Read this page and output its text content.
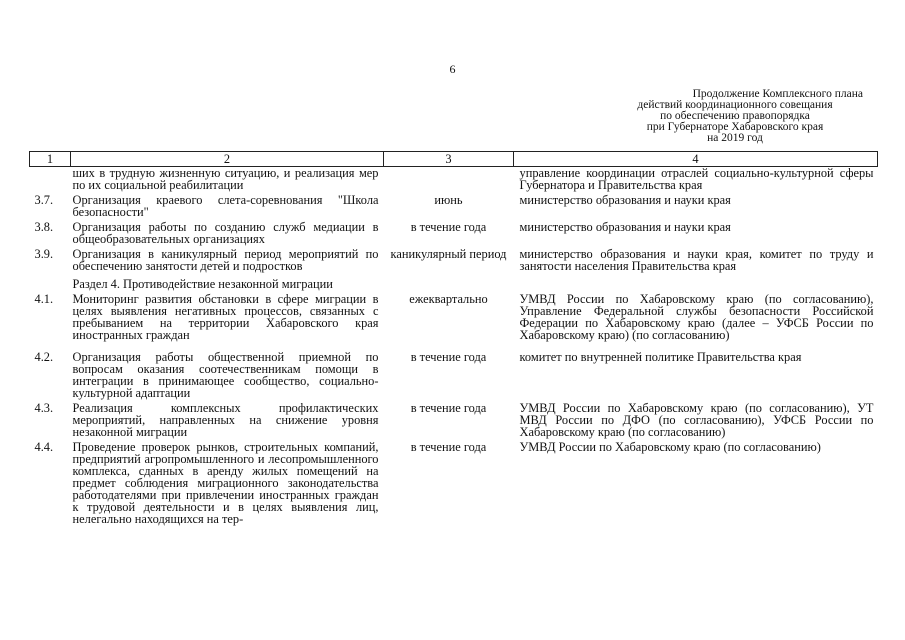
6
Продолжение Комплексного плана
действий координационного совещания
по обеспечению правопорядка
при Губернаторе Хабаровского края
на 2019 год
1	2	3	4
	ших в трудную жизненную ситуацию, и реализация мер по их социальной реабилитации		управление координации отраслей социально-культурной сферы Губернатора и Правительства края
3.7.	Организация краевого слета-соревнования "Школа безопасности"	июнь	министерство образования и науки края
3.8.	Организация работы по созданию служб медиации в общеобразовательных организациях	в течение года	министерство образования и науки края
3.9.	Организация в каникулярный период мероприятий по обеспечению занятости детей и подростков	каникулярный период	министерство образования и науки края, комитет по труду и занятости населения Правительства края
	Раздел 4. Противодействие незаконной миграции		
4.1.	Мониторинг развития обстановки в сфере миграции в целях выявления негативных процессов, связанных с пребыванием на территории Хабаровского края иностранных граждан	ежеквартально	УМВД России по Хабаровскому краю (по согласованию), Управление Федеральной службы безопасности Российской Федерации по Хабаровскому краю (далее – УФСБ России по Хабаровскому краю) (по согласованию)
4.2.	Организация работы общественной приемной по вопросам оказания соотечественникам помощи в интеграции в принимающее сообщество, социально-культурной адаптации	в течение года	комитет по внутренней политике Правительства края
4.3.	Реализация комплексных профилактических мероприятий, направленных на снижение уровня незаконной миграции	в течение года	УМВД России по Хабаровскому краю (по согласованию), УТ МВД России по ДФО (по согласованию), УФСБ России по Хабаровскому краю (по согласованию)
4.4.	Проведение проверок рынков, строительных компаний, предприятий агропромышленного и лесопромышленного комплекса, сданных в аренду жилых помещений на предмет соблюдения миграционного законодательства работодателями при привлечении иностранных граждан к трудовой деятельности и в целях выявления лиц, нелегально находящихся на тер-	в течение года	УМВД России по Хабаровскому краю (по согласованию)
